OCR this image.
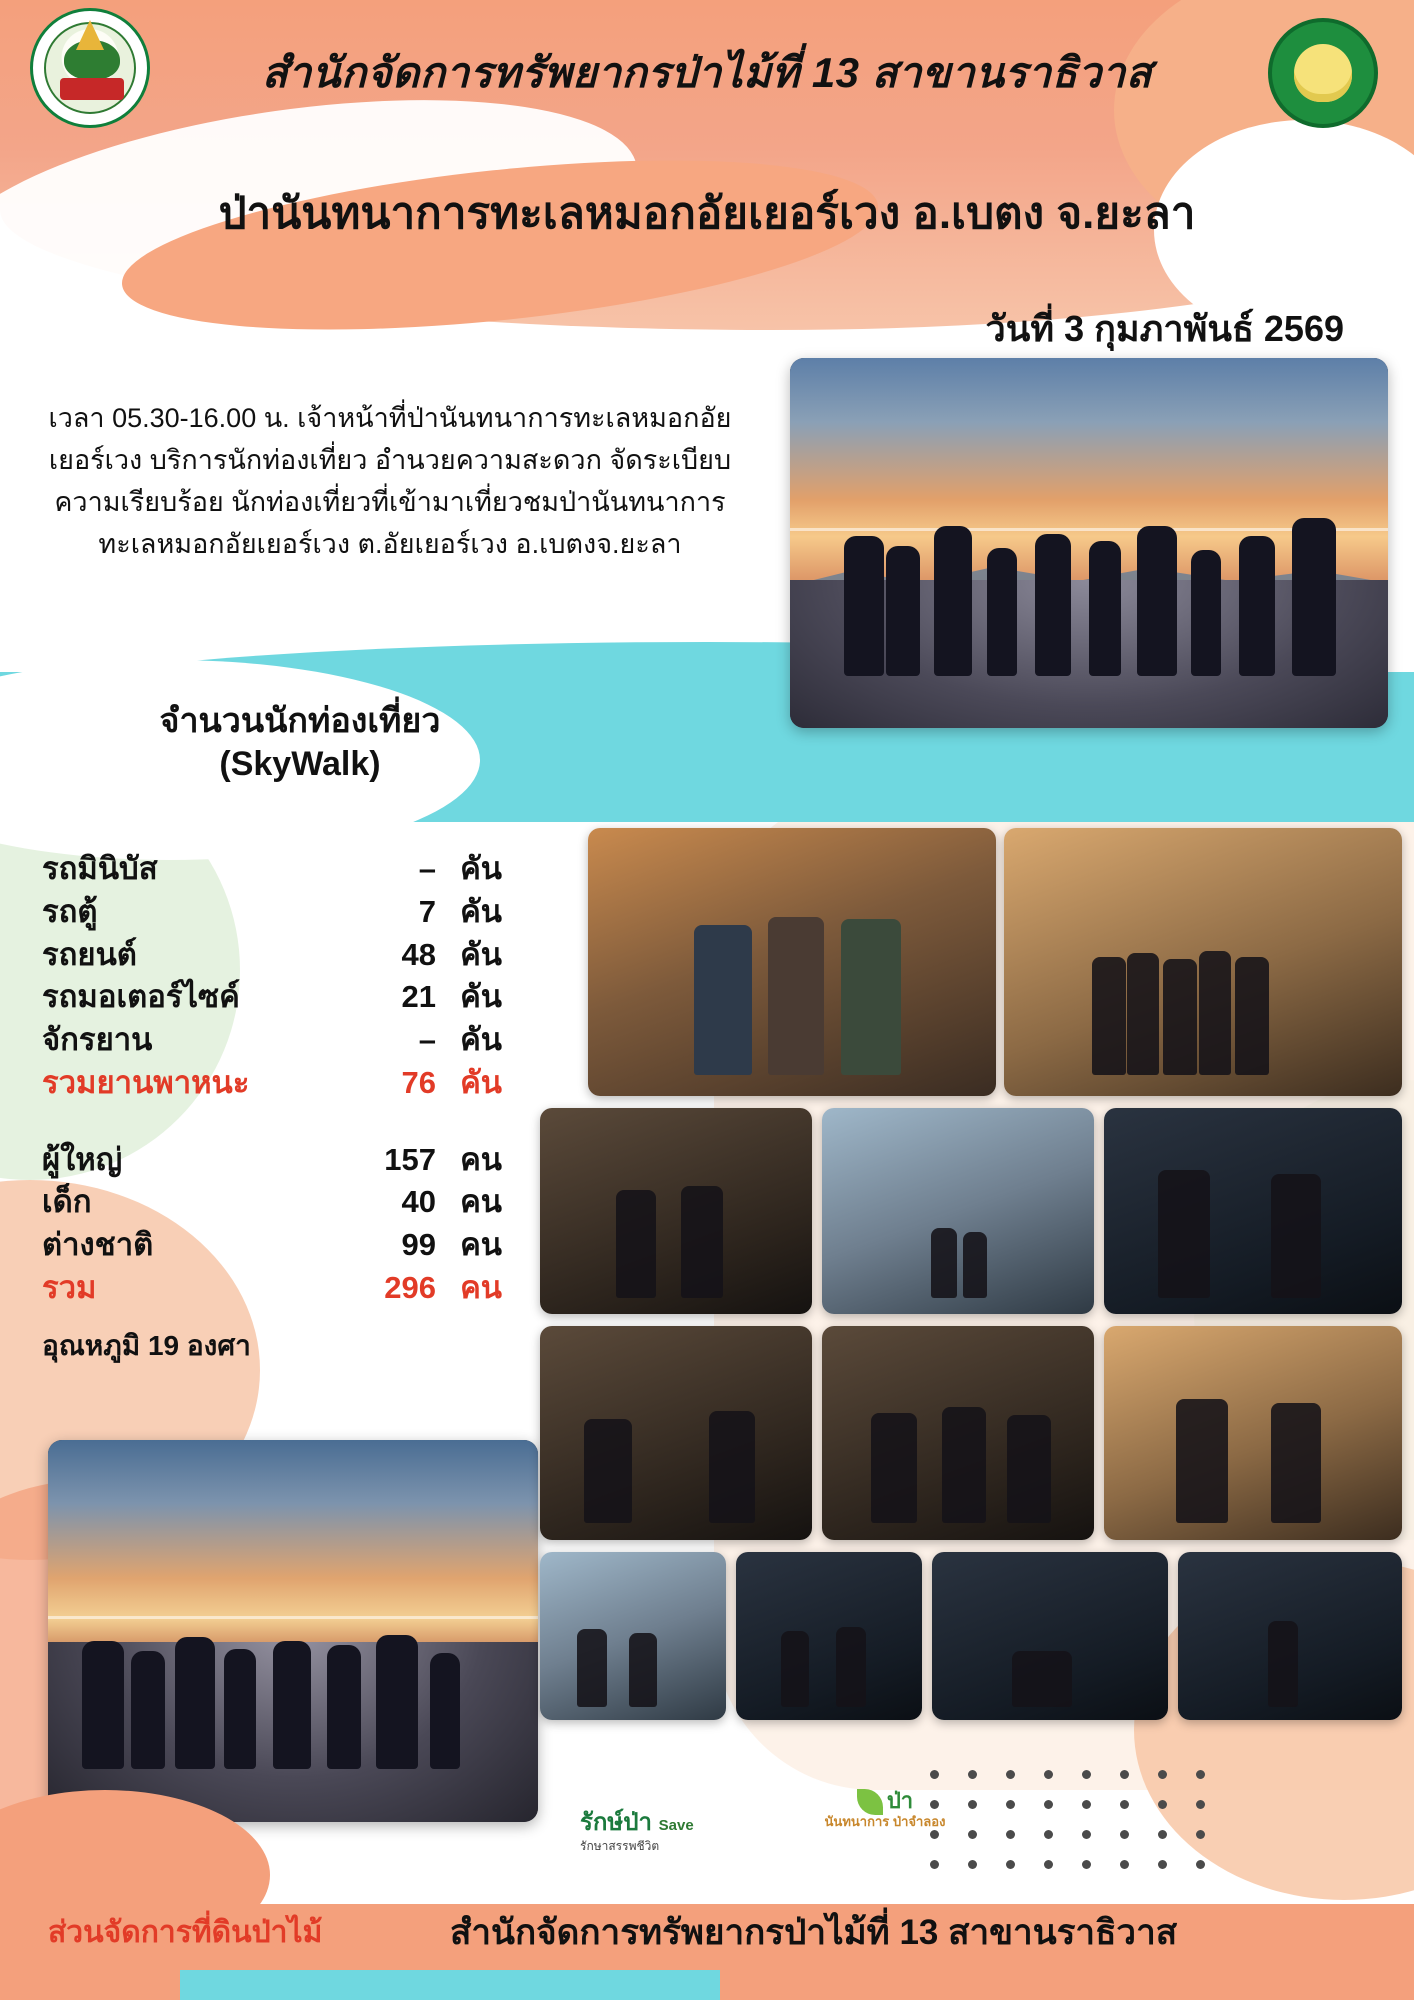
สำนักจัดการทรัพยากรป่าไม้ที่ 13 สาขานราธิวาส
ป่านันทนาการทะเลหมอกอัยเยอร์เวง อ.เบตง จ.ยะลา
วันที่ 3 กุมภาพันธ์ 2569
เวลา 05.30-16.00 น. เจ้าหน้าที่ป่านันทนาการทะเลหมอกอัยเยอร์เวง บริการนักท่องเที่ยว อำนวยความสะดวก จัดระเบียบความเรียบร้อย นักท่องเที่ยวที่เข้ามาเที่ยวชมป่านันทนาการทะเลหมอกอัยเยอร์เวง ต.อัยเยอร์เวง อ.เบตงจ.ยะลา
จำนวนนักท่องเที่ยว
(SkyWalk)
รถมินิบัส	– คัน
รถตู้	7 คัน
รถยนต์	48 คัน
รถมอเตอร์ไซค์	21 คัน
จักรยาน	– คัน
รวมยานพาหนะ	76 คัน
ผู้ใหญ่	157 คน
เด็ก	40 คน
ต่างชาติ	99 คน
รวม	296 คน
อุณหภูมิ 19 องศา
รักษ์ป่า Save
รักษาสรรพชีวิต
ป่า
นันทนาการ ป่าจำลอง
ส่วนจัดการที่ดินป่าไม้	สำนักจัดการทรัพยากรป่าไม้ที่ 13 สาขานราธิวาส
